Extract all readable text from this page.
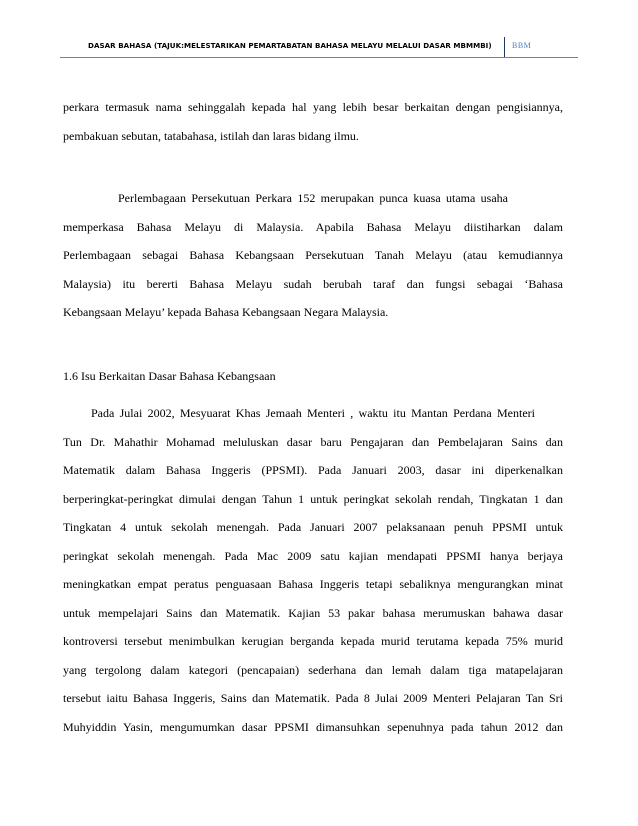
DASAR BAHASA (TAJUK:MELESTARIKAN PEMARTABATAN BAHASA MELAYU MELALUI DASAR MBMMBI)	BBM
perkara termasuk nama sehinggalah kepada hal yang lebih besar berkaitan dengan pengisiannya,
pembakuan sebutan, tatabahasa, istilah dan laras bidang ilmu.
Perlembagaan Persekutuan Perkara 152 merupakan punca kuasa utama usaha
memperkasa Bahasa Melayu di Malaysia. Apabila Bahasa Melayu diistiharkan dalam
Perlembagaan sebagai Bahasa Kebangsaan Persekutuan Tanah Melayu (atau kemudiannya
Malaysia) itu bererti Bahasa Melayu sudah berubah taraf dan fungsi sebagai ‘Bahasa
Kebangsaan Melayu’ kepada Bahasa Kebangsaan Negara Malaysia.
1.6 Isu Berkaitan Dasar Bahasa Kebangsaan
Pada Julai 2002, Mesyuarat Khas Jemaah Menteri , waktu itu Mantan Perdana Menteri
Tun Dr. Mahathir Mohamad meluluskan dasar baru Pengajaran dan Pembelajaran Sains dan
Matematik dalam Bahasa Inggeris (PPSMI). Pada Januari 2003, dasar ini diperkenalkan
berperingkat-peringkat dimulai dengan Tahun 1 untuk peringkat sekolah rendah, Tingkatan 1 dan
Tingkatan 4 untuk sekolah menengah. Pada Januari 2007 pelaksanaan penuh PPSMI untuk
peringkat sekolah menengah. Pada Mac 2009 satu kajian mendapati PPSMI hanya berjaya
meningkatkan empat peratus penguasaan Bahasa Inggeris tetapi sebaliknya mengurangkan minat
untuk mempelajari Sains dan Matematik. Kajian 53 pakar bahasa merumuskan bahawa dasar
kontroversi tersebut menimbulkan kerugian berganda kepada murid terutama kepada 75% murid
yang tergolong dalam kategori (pencapaian) sederhana dan lemah dalam tiga matapelajaran
tersebut iaitu Bahasa Inggeris, Sains dan Matematik. Pada 8 Julai 2009 Menteri Pelajaran Tan Sri
Muhyiddin Yasin, mengumumkan dasar PPSMI dimansuhkan sepenuhnya pada tahun 2012 dan
